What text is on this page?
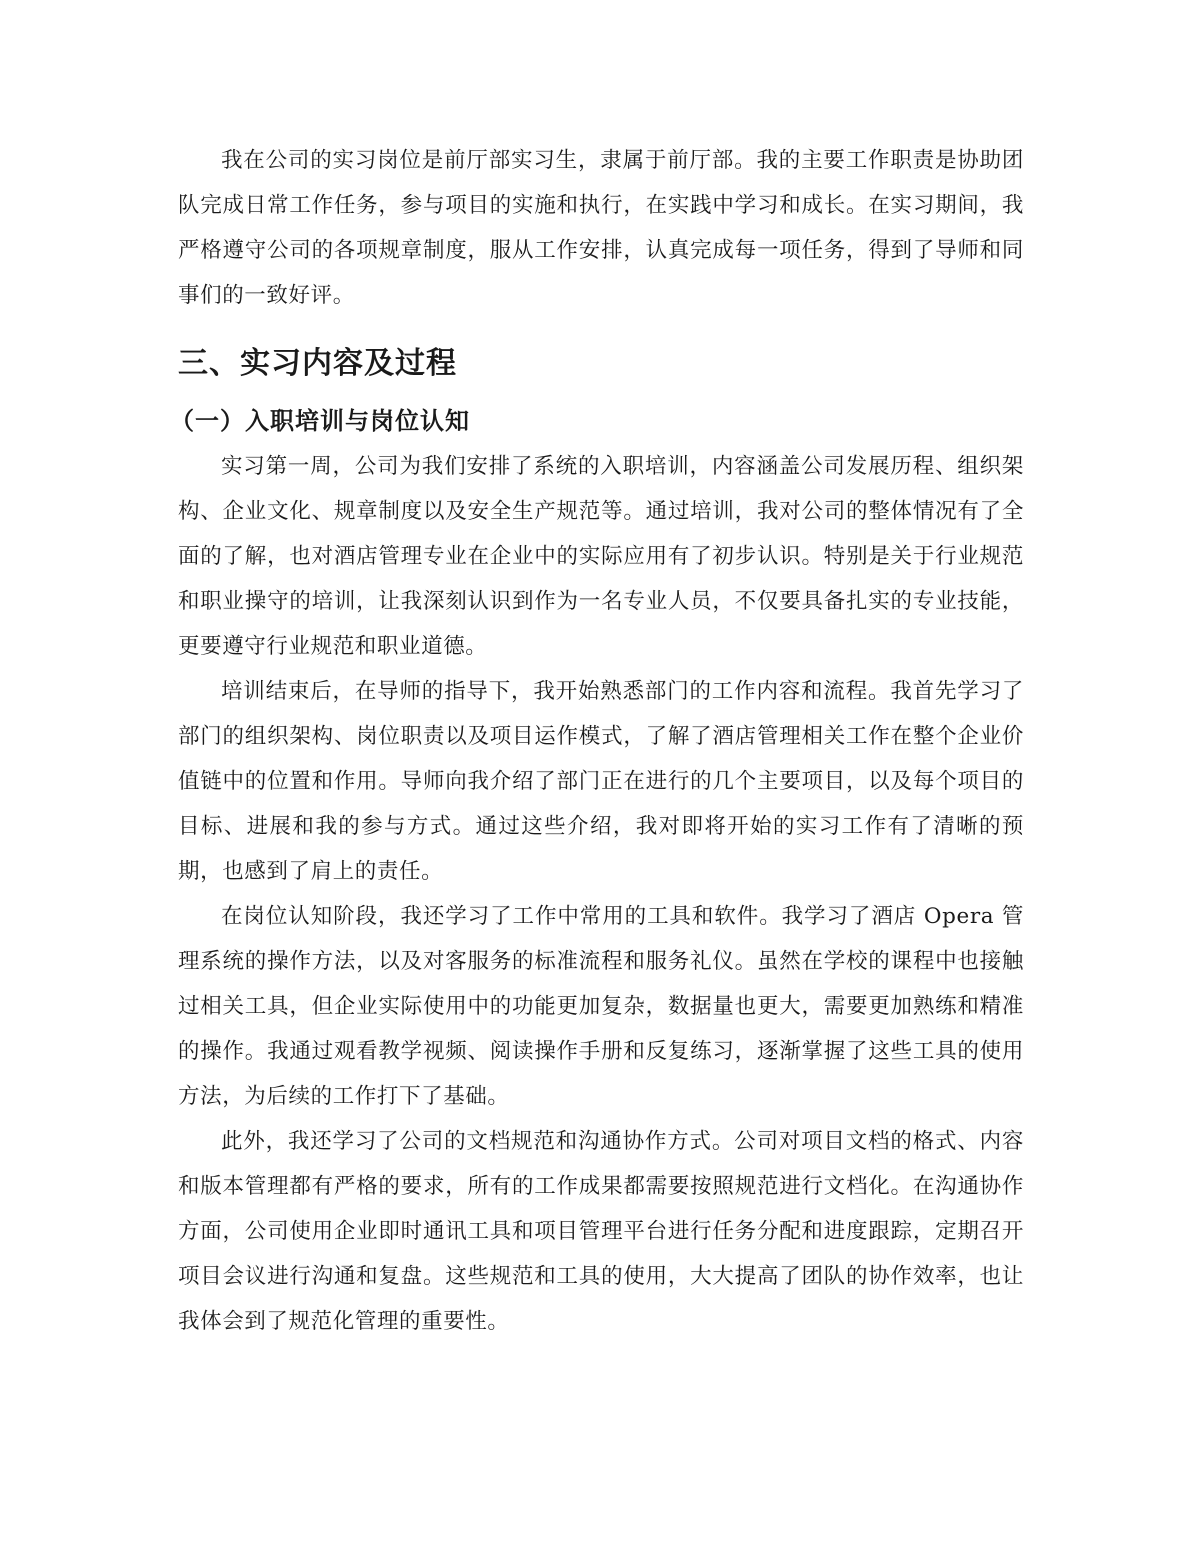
我在公司的实习岗位是前厅部实习生，隶属于前厅部。我的主要工作职责是协助团队完成日常工作任务，参与项目的实施和执行，在实践中学习和成长。在实习期间，我严格遵守公司的各项规章制度，服从工作安排，认真完成每一项任务，得到了导师和同事们的一致好评。

三、实习内容及过程
（一）入职培训与岗位认知

实习第一周，公司为我们安排了系统的入职培训，内容涵盖公司发展历程、组织架构、企业文化、规章制度以及安全生产规范等。通过培训，我对公司的整体情况有了全面的了解，也对酒店管理专业在企业中的实际应用有了初步认识。特别是关于行业规范和职业操守的培训，让我深刻认识到作为一名专业人员，不仅要具备扎实的专业技能，更要遵守行业规范和职业道德。

培训结束后，在导师的指导下，我开始熟悉部门的工作内容和流程。我首先学习了部门的组织架构、岗位职责以及项目运作模式，了解了酒店管理相关工作在整个企业价值链中的位置和作用。导师向我介绍了部门正在进行的几个主要项目，以及每个项目的目标、进展和我的参与方式。通过这些介绍，我对即将开始的实习工作有了清晰的预期，也感到了肩上的责任。

在岗位认知阶段，我还学习了工作中常用的工具和软件。我学习了酒店 Opera 管理系统的操作方法，以及对客服务的标准流程和服务礼仪。虽然在学校的课程中也接触过相关工具，但企业实际使用中的功能更加复杂，数据量也更大，需要更加熟练和精准的操作。我通过观看教学视频、阅读操作手册和反复练习，逐渐掌握了这些工具的使用方法，为后续的工作打下了基础。

此外，我还学习了公司的文档规范和沟通协作方式。公司对项目文档的格式、内容和版本管理都有严格的要求，所有的工作成果都需要按照规范进行文档化。在沟通协作方面，公司使用企业即时通讯工具和项目管理平台进行任务分配和进度跟踪，定期召开项目会议进行沟通和复盘。这些规范和工具的使用，大大提高了团队的协作效率，也让我体会到了规范化管理的重要性。
